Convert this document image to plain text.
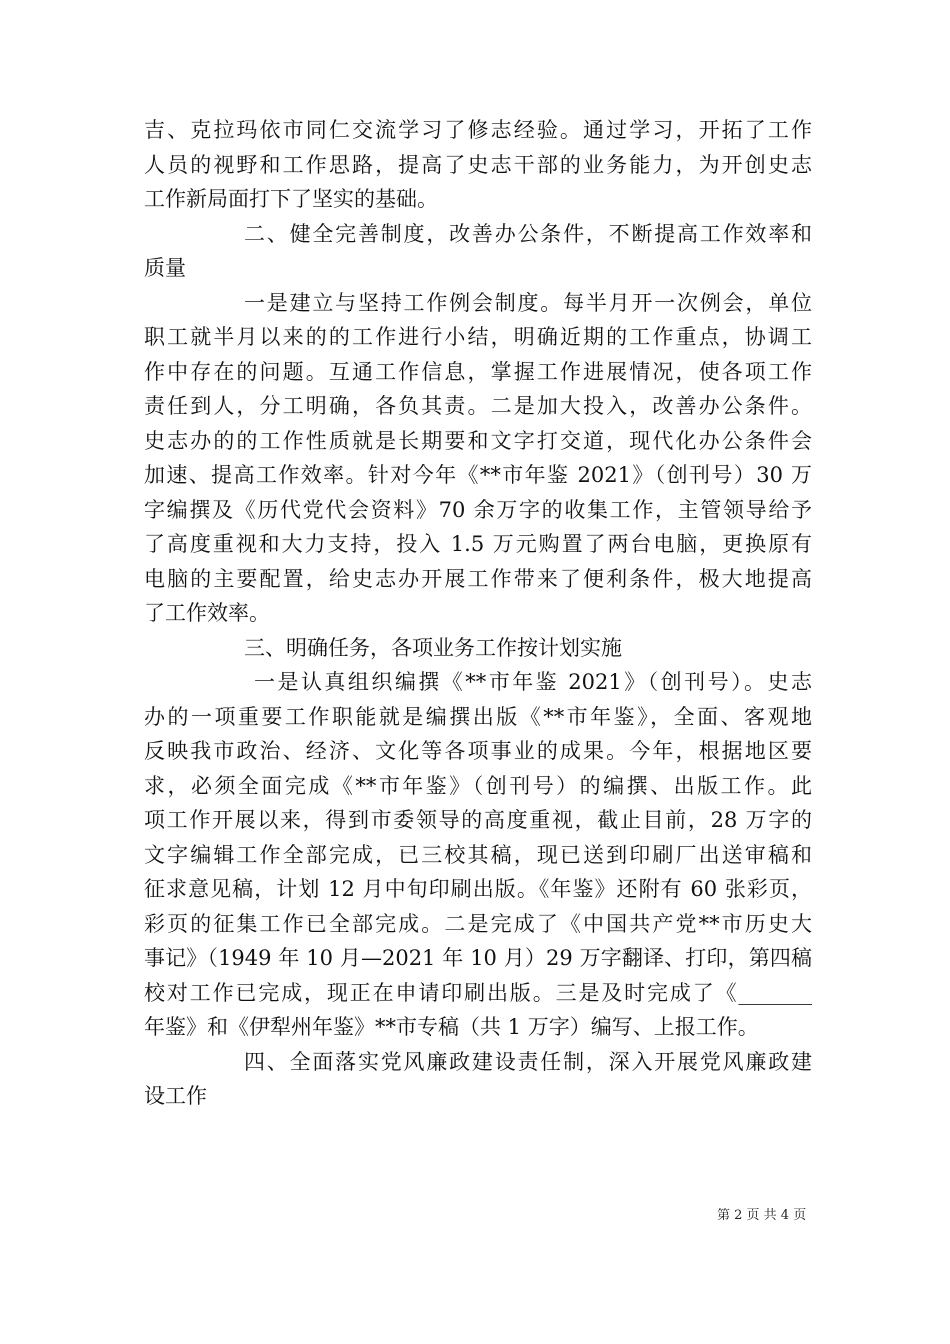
吉、克拉玛依市同仁交流学习了修志经验。通过学习，开拓了工作
人员的视野和工作思路，提高了史志干部的业务能力，为开创史志
工作新局面打下了坚实的基础。
二、健全完善制度，改善办公条件，不断提高工作效率和
质量
一是建立与坚持工作例会制度。每半月开一次例会，单位
职工就半月以来的的工作进行小结，明确近期的工作重点，协调工
作中存在的问题。互通工作信息，掌握工作进展情况，使各项工作
责任到人，分工明确，各负其责。二是加大投入，改善办公条件。
史志办的的工作性质就是长期要和文字打交道，现代化办公条件会
加速、提高工作效率。针对今年《**市年鉴 2021》（创刊号）30 万
字编撰及《历代党代会资料》70 余万字的收集工作，主管领导给予
了高度重视和大力支持，投入 1.5 万元购置了两台电脑，更换原有
电脑的主要配置，给史志办开展工作带来了便利条件，极大地提高
了工作效率。
三、明确任务，各项业务工作按计划实施
一是认真组织编撰《**市年鉴 2021》（创刊号）。史志
办的一项重要工作职能就是编撰出版《**市年鉴》，全面、客观地
反映我市政治、经济、文化等各项事业的成果。今年，根据地区要
求，必须全面完成《**市年鉴》（创刊号）的编撰、出版工作。此
项工作开展以来，得到市委领导的高度重视，截止目前，28 万字的
文字编辑工作全部完成，已三校其稿，现已送到印刷厂出送审稿和
征求意见稿，计划 12 月中旬印刷出版。《年鉴》还附有 60 张彩页，
彩页的征集工作已全部完成。二是完成了《中国共产党**市历史大
事记》（1949 年 10 月—2021 年 10 月）29 万字翻译、打印，第四稿
校对工作已完成，现正在申请印刷出版。三是及时完成了《_______
年鉴》和《伊犁州年鉴》**市专稿（共 1 万字）编写、上报工作。
四、全面落实党风廉政建设责任制，深入开展党风廉政建
设工作
第 2 页 共 4 页
